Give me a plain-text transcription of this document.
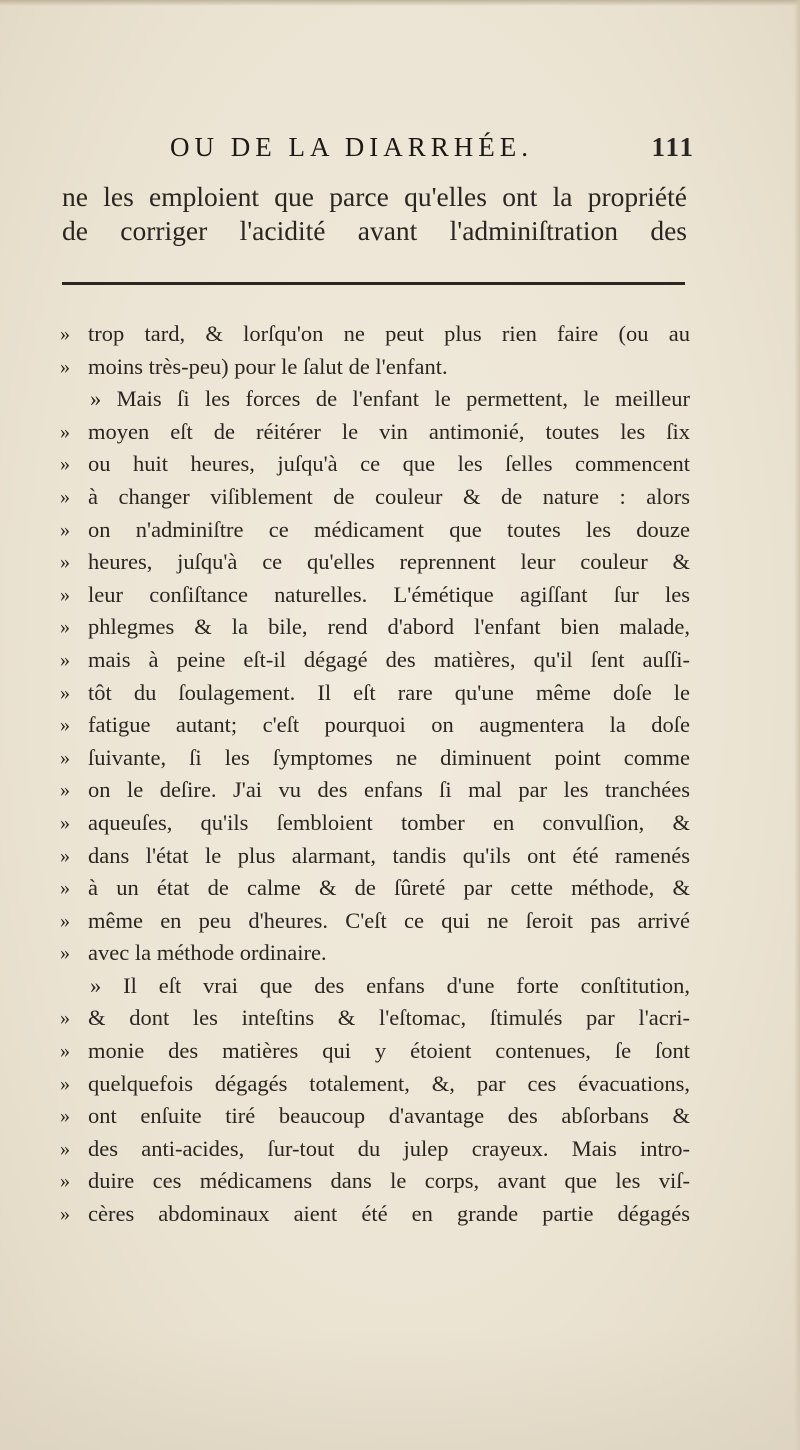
OU DE LA DIARRHÉE.	111
ne les emploient que parce qu'elles ont la propriété
de corriger l'acidité avant l'adminiſtration des
» trop tard, & lorſqu'on ne peut plus rien faire (ou au
» moins très-peu) pour le ſalut de l'enfant.
» Mais ſi les forces de l'enfant le permettent, le meilleur
» moyen eſt de réitérer le vin antimonié, toutes les ſix
» ou huit heures, juſqu'à ce que les ſelles commencent
» à changer viſiblement de couleur & de nature : alors
» on n'adminiſtre ce médicament que toutes les douze
» heures, juſqu'à ce qu'elles reprennent leur couleur &
» leur conſiſtance naturelles. L'émétique agiſſant ſur les
» phlegmes & la bile, rend d'abord l'enfant bien malade,
» mais à peine eſt-il dégagé des matières, qu'il ſent auſſi-
» tôt du ſoulagement. Il eſt rare qu'une même doſe le
» fatigue autant; c'eſt pourquoi on augmentera la doſe
» ſuivante, ſi les ſymptomes ne diminuent point comme
» on le deſire. J'ai vu des enfans ſi mal par les tranchées
» aqueuſes, qu'ils ſembloient tomber en convulſion, &
» dans l'état le plus alarmant, tandis qu'ils ont été ramenés
» à un état de calme & de ſûreté par cette méthode, &
» même en peu d'heures. C'eſt ce qui ne ſeroit pas arrivé
» avec la méthode ordinaire.
» Il eſt vrai que des enfans d'une forte conſtitution,
» & dont les inteſtins & l'eſtomac, ſtimulés par l'acri-
» monie des matières qui y étoient contenues, ſe ſont
» quelquefois dégagés totalement, &, par ces évacuations,
» ont enſuite tiré beaucoup d'avantage des abſorbans &
» des anti-acides, ſur-tout du julep crayeux. Mais intro-
» duire ces médicamens dans le corps, avant que les viſ-
» cères abdominaux aient été en grande partie dégagés
